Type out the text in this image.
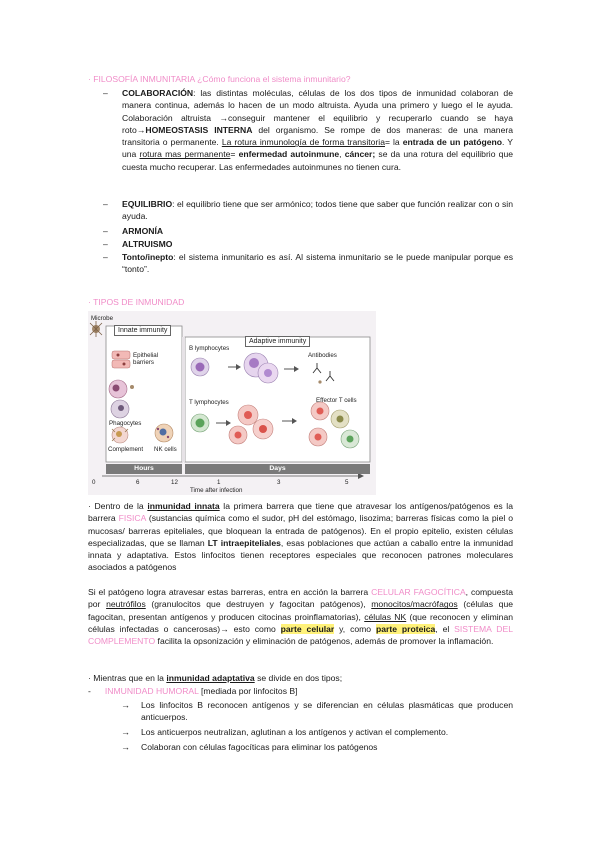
· FILOSOFÍA INMUNITARIA ¿Cómo funciona el sistema inmunitario?
– COLABORACIÓN: las distintas moléculas, células de los dos tipos de inmunidad colaboran de manera continua, además lo hacen de un modo altruista. Ayuda una primero y luego el le ayuda. Colaboración altruista →conseguir mantener el equilibrio y recuperarlo cuando se haya roto→HOMEOSTASIS INTERNA del organismo. Se rompe de dos maneras: de una manera transitoria o permanente. La rotura inmunología de forma transitoria= la entrada de un patógeno. Y una rotura mas permanente= enfermedad autoinmune, cáncer; se da una rotura del equilibrio que cuesta mucho recuperar. Las enfermedades autoinmunes no tienen cura.
– EQUILIBRIO: el equilibrio tiene que ser armónico; todos tiene que saber que función realizar con o sin ayuda.
– ARMONÍA
– ALTRUISMO
– Tonto/inepto: el sistema inmunitario es así. Al sistema inmunitario se le puede manipular porque es “tonto”.
· TIPOS DE INMUNIDAD
Microbe
Innate immunity
Adaptive immunity
Epithelial
barriers
Phagocytes
Complement NK cells
B lymphocytes
Antibodies
T lymphocytes	Effector T cells
Hours	Days
0	6	12	1	3	5
Time after infection
· Dentro de la inmunidad innata la primera barrera que tiene que atravesar los antígenos/patógenos es la barrera FISICA (sustancias química como el sudor, pH del estómago, lisozima; barreras físicas como la piel o mucosas/ barreras epiteliales, que bloquean la entrada de patógenos). En el propio epitelio, existen células especializadas, que se llaman LT intraepiteliales, esas poblaciones que actúan a caballo entre la inmunidad innata y adaptativa. Estos linfocitos tienen receptores especiales que reconocen patrones moleculares asociados a patógenos
Si el patógeno logra atravesar estas barreras, entra en acción la barrera CELULAR FAGOCÍTICA, compuesta por neutrófilos (granulocitos que destruyen y fagocitan patógenos), monocitos/macrófagos (células que fagocitan, presentan antígenos y producen citocinas proinflamatorias), células NK (que reconocen y eliminan células infectadas o cancerosas)→ esto como parte celular y, como parte proteica, el SISTEMA DEL COMPLEMENTO facilita la opsonización y eliminación de patógenos, además de promover la inflamación.
· Mientras que en la inmunidad adaptativa se divide en dos tipos;
- INMUNIDAD HUMORAL [mediada por linfocitos B]
→ Los linfocitos B reconocen antígenos y se diferencian en células plasmáticas que producen anticuerpos.
→ Los anticuerpos neutralizan, aglutinan a los antígenos y activan el complemento.
→ Colaboran con células fagocíticas para eliminar los patógenos
